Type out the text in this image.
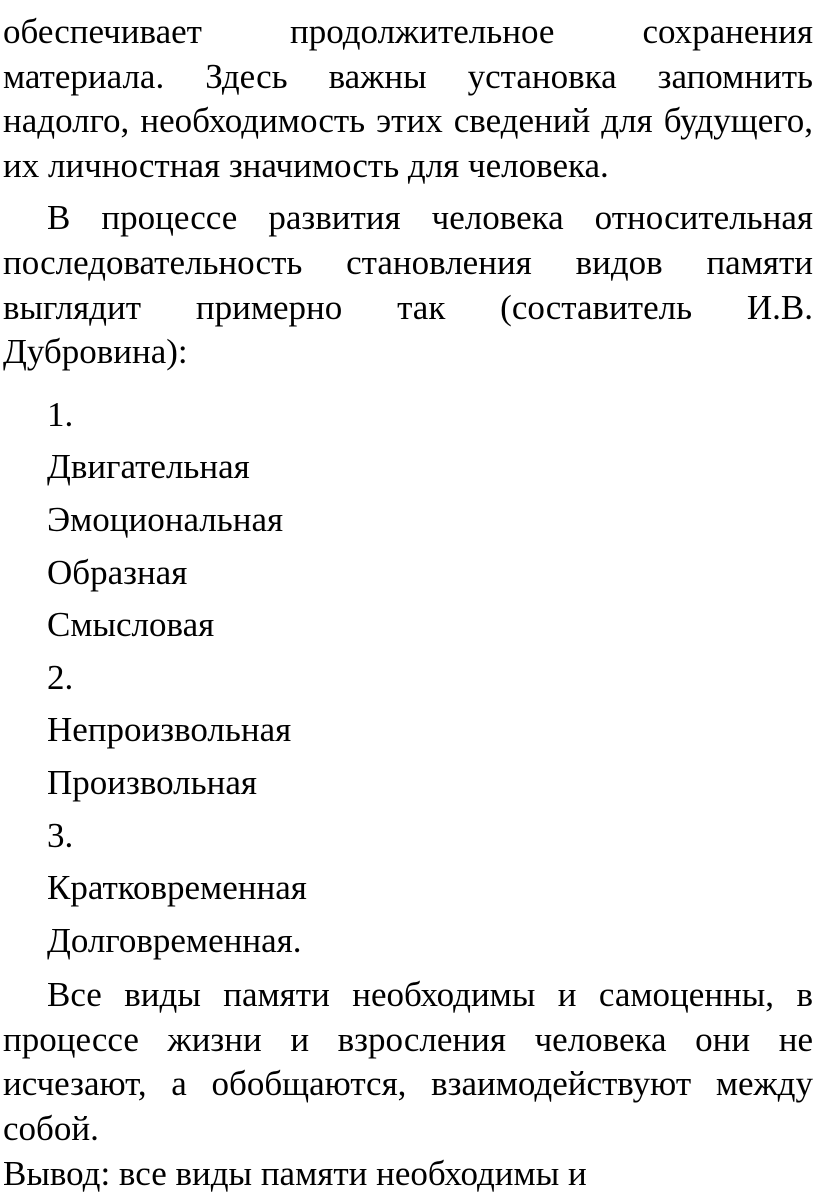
обеспечивает продолжительное сохранения материала. Здесь важны установка запомнить надолго, необходимость этих сведений для будущего, их личностная значимость для человека.

В процессе развития человека относительная последовательность становления видов памяти выглядит примерно так (составитель И.В. Дубровина):

1.
Двигательная
Эмоциональная
Образная
Смысловая
2.
Непроизвольная
Произвольная
3.
Кратковременная
Долговременная.

Все виды памяти необходимы и самоценны, в процессе жизни и взросления человека они не исчезают, а обобщаются, взаимодействуют между собой.

Вывод: все виды памяти необходимы и
